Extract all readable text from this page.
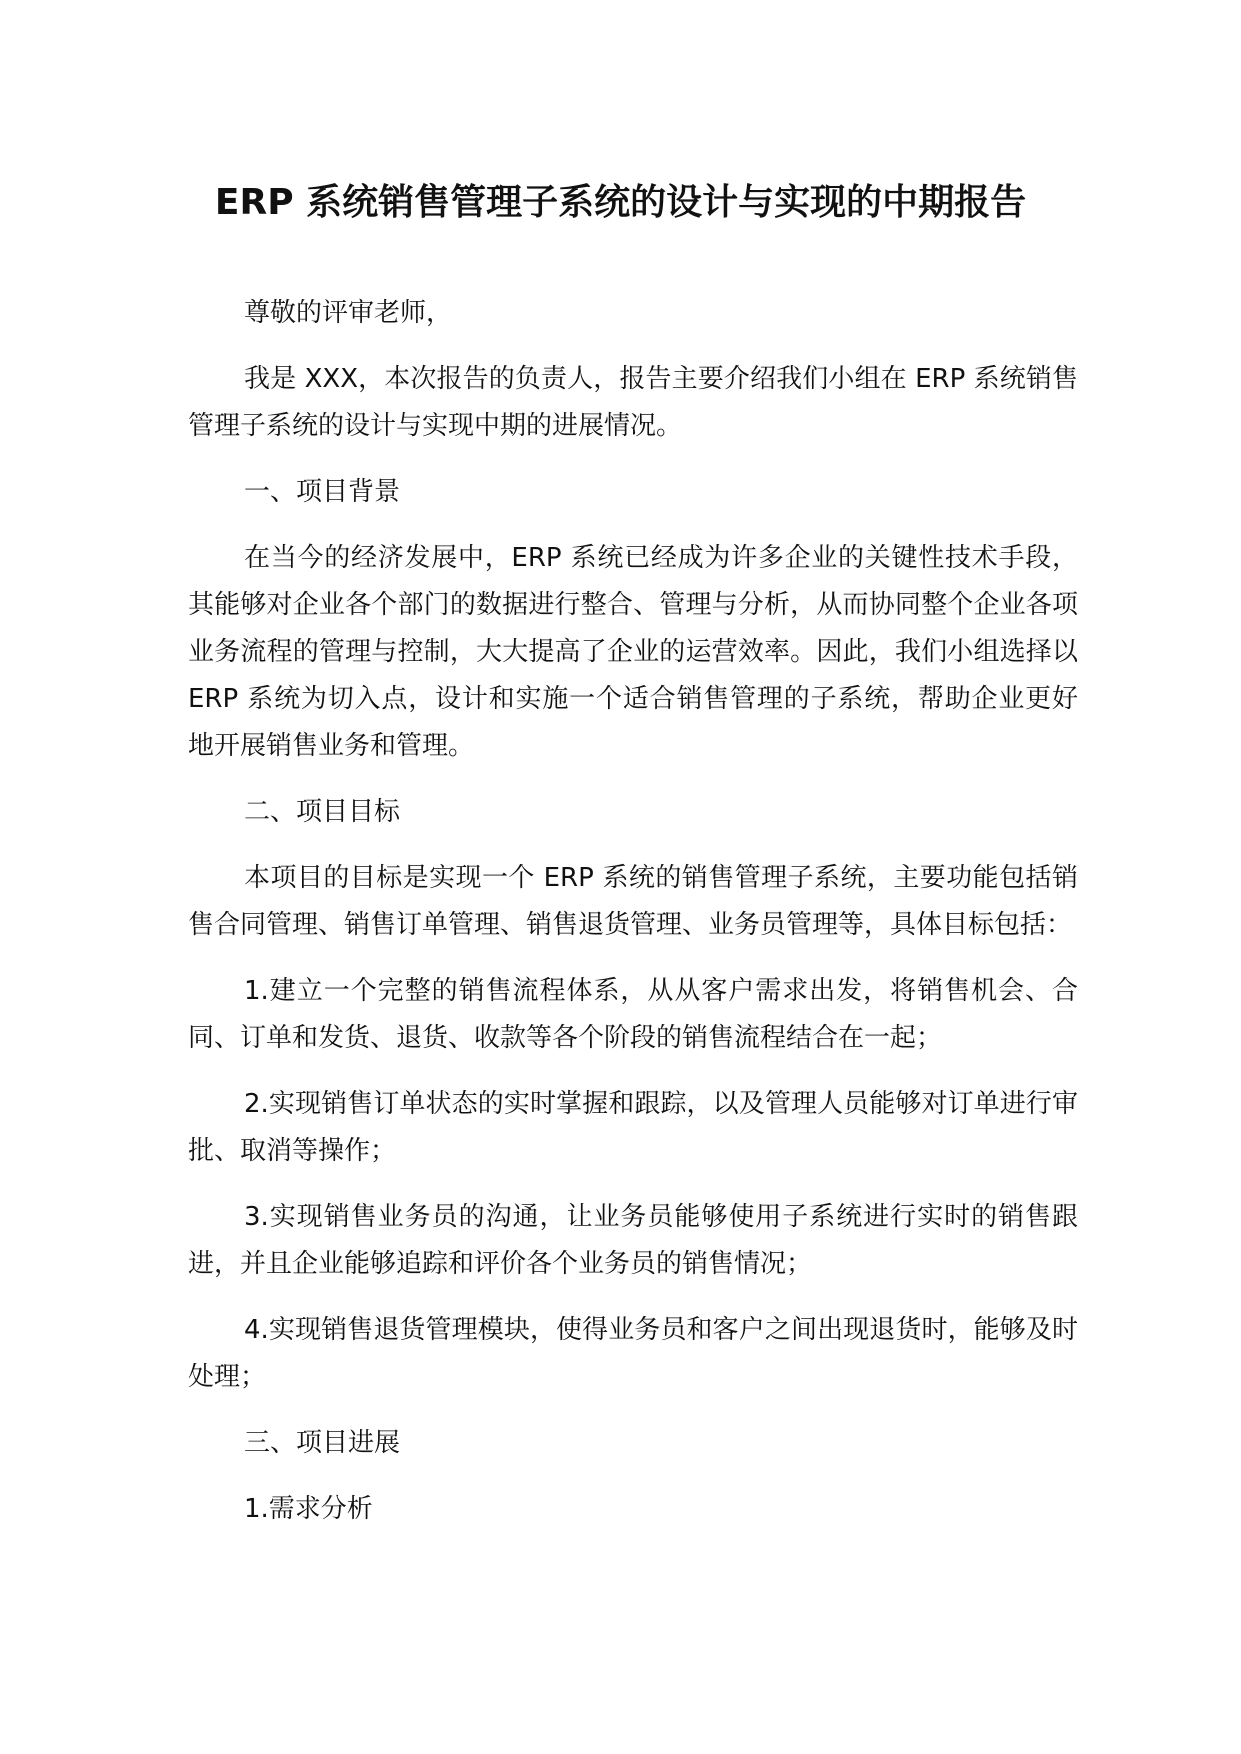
ERP 系统销售管理子系统的设计与实现的中期报告

尊敬的评审老师，

我是 XXX，本次报告的负责人，报告主要介绍我们小组在 ERP 系统销售管理子系统的设计与实现中期的进展情况。

一、项目背景

在当今的经济发展中，ERP 系统已经成为许多企业的关键性技术手段，其能够对企业各个部门的数据进行整合、管理与分析，从而协同整个企业各项业务流程的管理与控制，大大提高了企业的运营效率。因此，我们小组选择以 ERP 系统为切入点，设计和实施一个适合销售管理的子系统，帮助企业更好地开展销售业务和管理。

二、项目目标

本项目的目标是实现一个 ERP 系统的销售管理子系统，主要功能包括销售合同管理、销售订单管理、销售退货管理、业务员管理等，具体目标包括：

1.建立一个完整的销售流程体系，从从客户需求出发，将销售机会、合同、订单和发货、退货、收款等各个阶段的销售流程结合在一起；

2.实现销售订单状态的实时掌握和跟踪，以及管理人员能够对订单进行审批、取消等操作；

3.实现销售业务员的沟通，让业务员能够使用子系统进行实时的销售跟进，并且企业能够追踪和评价各个业务员的销售情况；

4.实现销售退货管理模块，使得业务员和客户之间出现退货时，能够及时处理；

三、项目进展

1.需求分析
